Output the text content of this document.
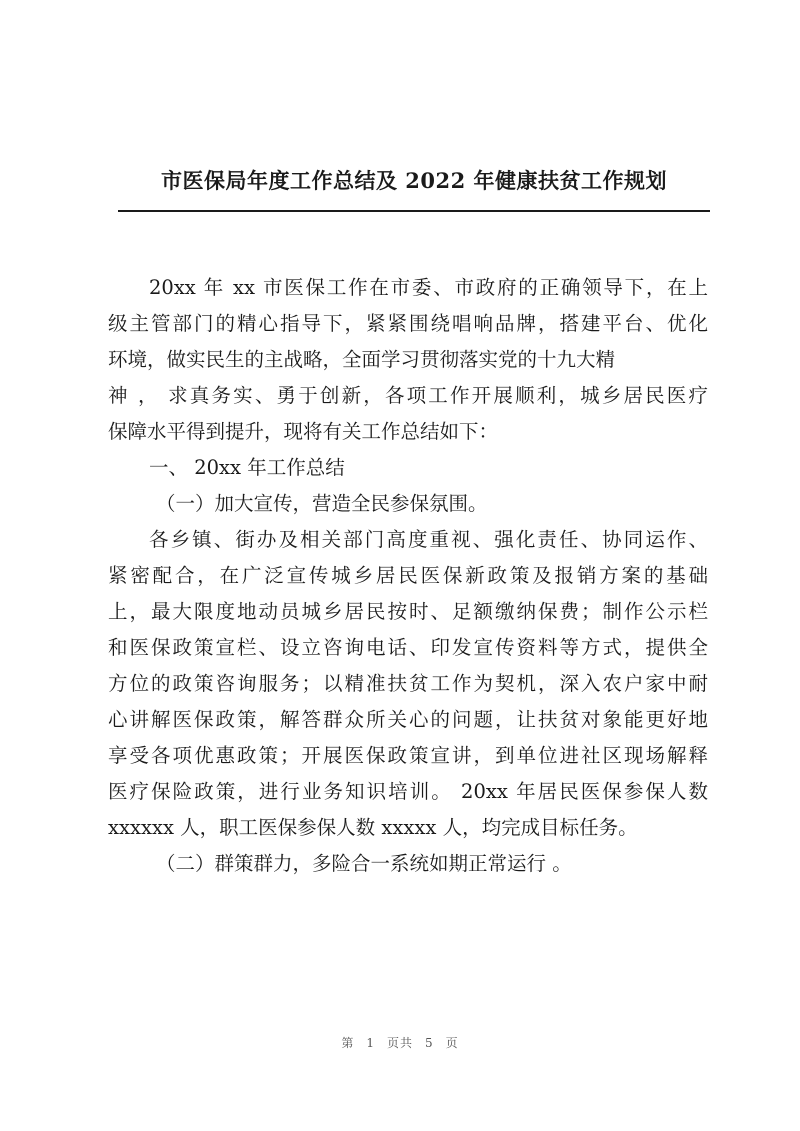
市医保局年度工作总结及 2022 年健康扶贫工作规划
20xx 年 xx 市医保工作在市委、市政府的正确领导下，在上
级主管部门的精心指导下，紧紧围绕唱响品牌，搭建平台、优化
环境，做实民生的主战略，全面学习贯彻落实党的十九大精
神 ， 求真务实、勇于创新，各项工作开展顺利，城乡居民医疗
保障水平得到提升，现将有关工作总结如下：
一、 20xx 年工作总结
（一）加大宣传，营造全民参保氛围。
各乡镇、街办及相关部门高度重视、强化责任、协同运作、
紧密配合，在广泛宣传城乡居民医保新政策及报销方案的基础
上，最大限度地动员城乡居民按时、足额缴纳保费；制作公示栏
和医保政策宣栏、设立咨询电话、印发宣传资料等方式，提供全
方位的政策咨询服务；以精准扶贫工作为契机，深入农户家中耐
心讲解医保政策，解答群众所关心的问题，让扶贫对象能更好地
享受各项优惠政策；开展医保政策宣讲，到单位进社区现场解释
医疗保险政策，进行业务知识培训。 20xx 年居民医保参保人数
xxxxxx 人，职工医保参保人数 xxxxx 人，均完成目标任务。
（二）群策群力，多险合一系统如期正常运行 。
第 1 页共 5 页
